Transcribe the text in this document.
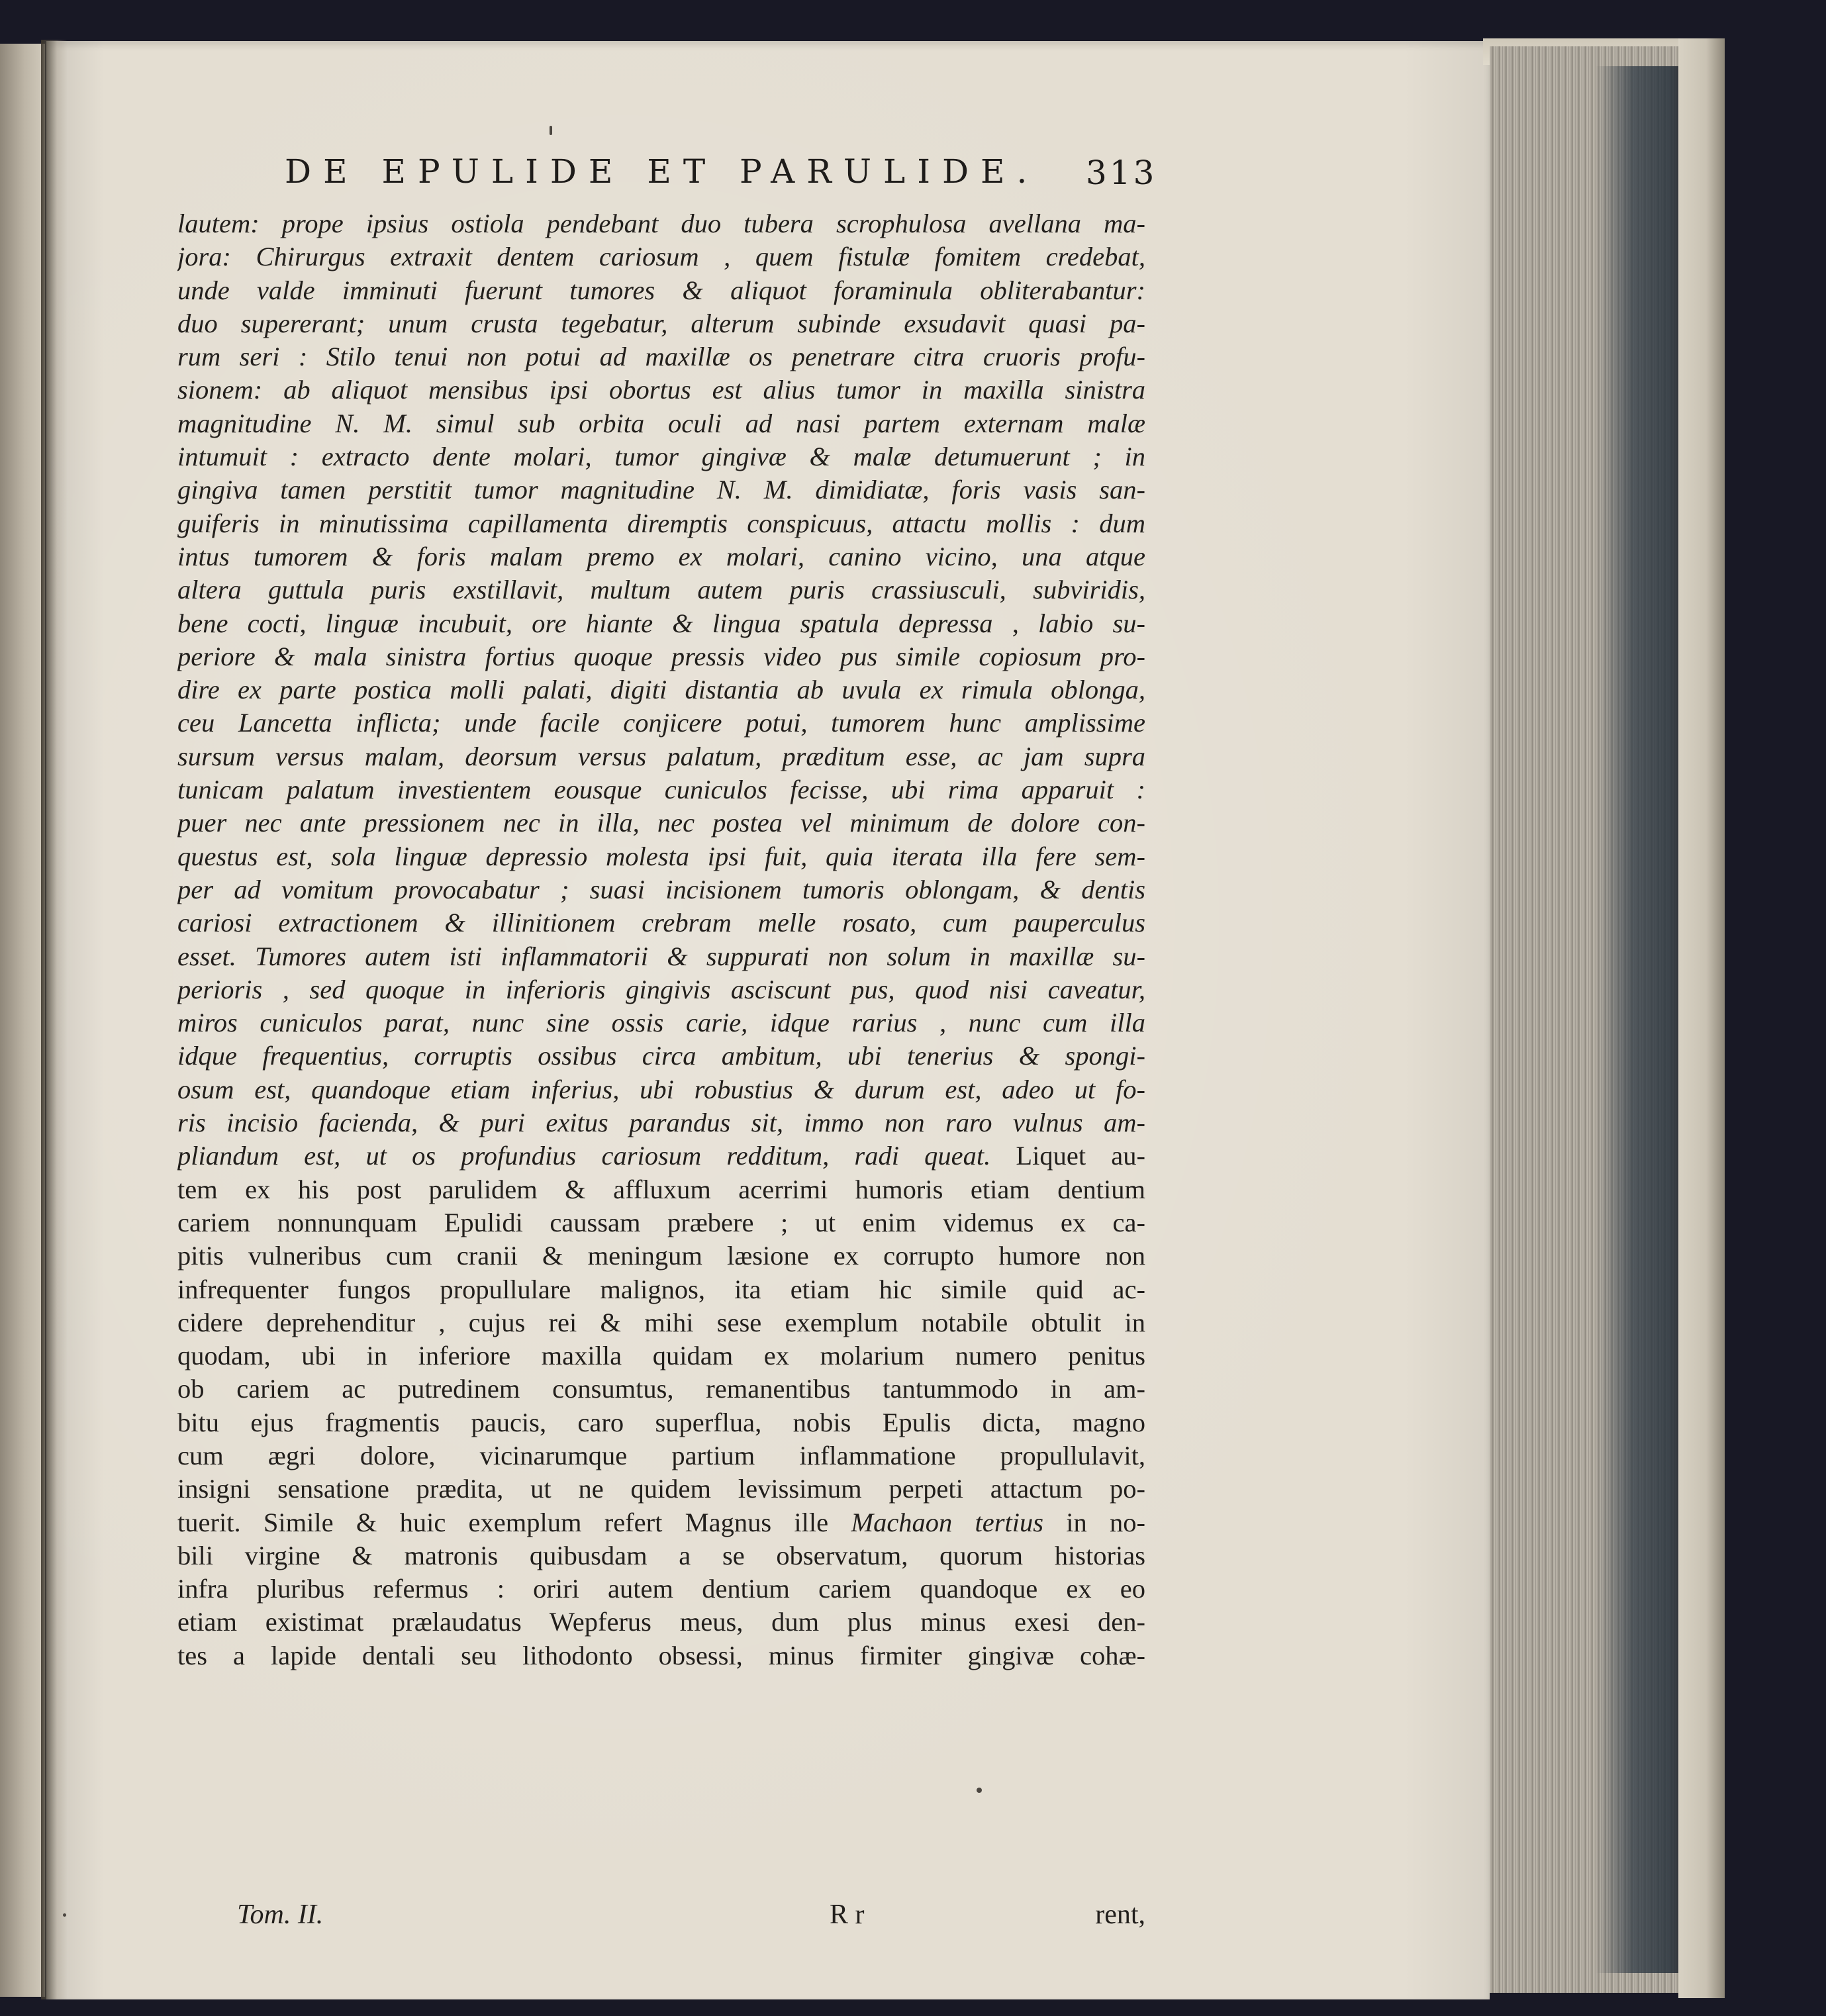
DE EPULIDE ET PARULIDE.	313
lautem: prope ipsius ostiola pendebant duo tubera scrophulosa avellana ma-
jora: Chirurgus extraxit dentem cariosum , quem fistulæ fomitem credebat,
unde valde imminuti fuerunt tumores & aliquot foraminula obliterabantur:
duo supererant; unum crusta tegebatur, alterum subinde exsudavit quasi pa-
rum seri : Stilo tenui non potui ad maxillæ os penetrare citra cruoris profu-
sionem: ab aliquot mensibus ipsi obortus est alius tumor in maxilla sinistra
magnitudine N. M. simul sub orbita oculi ad nasi partem externam malæ
intumuit : extracto dente molari, tumor gingivæ & malæ detumuerunt ; in
gingiva tamen perstitit tumor magnitudine N. M. dimidiatæ, foris vasis san-
guiferis in minutissima capillamenta diremptis conspicuus, attactu mollis : dum
intus tumorem & foris malam premo ex molari, canino vicino, una atque
altera guttula puris exstillavit, multum autem puris crassiusculi, subviridis,
bene cocti, linguæ incubuit, ore hiante & lingua spatula depressa , labio su-
periore & mala sinistra fortius quoque pressis video pus simile copiosum pro-
dire ex parte postica molli palati, digiti distantia ab uvula ex rimula oblonga,
ceu Lancetta inflicta; unde facile conjicere potui, tumorem hunc amplissime
sursum versus malam, deorsum versus palatum, præditum esse, ac jam supra
tunicam palatum investientem eousque cuniculos fecisse, ubi rima apparuit :
puer nec ante pressionem nec in illa, nec postea vel minimum de dolore con-
questus est, sola linguæ depressio molesta ipsi fuit, quia iterata illa fere sem-
per ad vomitum provocabatur ; suasi incisionem tumoris oblongam, & dentis
cariosi extractionem & illinitionem crebram melle rosato, cum pauperculus
esset. Tumores autem isti inflammatorii & suppurati non solum in maxillæ su-
perioris , sed quoque in inferioris gingivis asciscunt pus, quod nisi caveatur,
miros cuniculos parat, nunc sine ossis carie, idque rarius , nunc cum illa
idque frequentius, corruptis ossibus circa ambitum, ubi tenerius & spongi-
osum est, quandoque etiam inferius, ubi robustius & durum est, adeo ut fo-
ris incisio facienda, & puri exitus parandus sit, immo non raro vulnus am-
pliandum est, ut os profundius cariosum redditum, radi queat. Liquet au-
tem ex his post parulidem & affluxum acerrimi humoris etiam dentium
cariem nonnunquam Epulidi caussam præbere ; ut enim videmus ex ca-
pitis vulneribus cum cranii & meningum læsione ex corrupto humore non
infrequenter fungos propullulare malignos, ita etiam hic simile quid ac-
cidere deprehenditur , cujus rei & mihi sese exemplum notabile obtulit in
quodam, ubi in inferiore maxilla quidam ex molarium numero penitus
ob cariem ac putredinem consumtus, remanentibus tantummodo in am-
bitu ejus fragmentis paucis, caro superflua, nobis Epulis dicta, magno
cum ægri dolore, vicinarumque partium inflammatione propullulavit,
insigni sensatione prædita, ut ne quidem levissimum perpeti attactum po-
tuerit. Simile & huic exemplum refert Magnus ille Machaon tertius in no-
bili virgine & matronis quibusdam a se observatum, quorum historias
infra pluribus refermus : oriri autem dentium cariem quandoque ex eo
etiam existimat prælaudatus Wepferus meus, dum plus minus exesi den-
tes a lapide dentali seu lithodonto obsessi, minus firmiter gingivæ cohæ-
Tom. II.	R r	rent,
